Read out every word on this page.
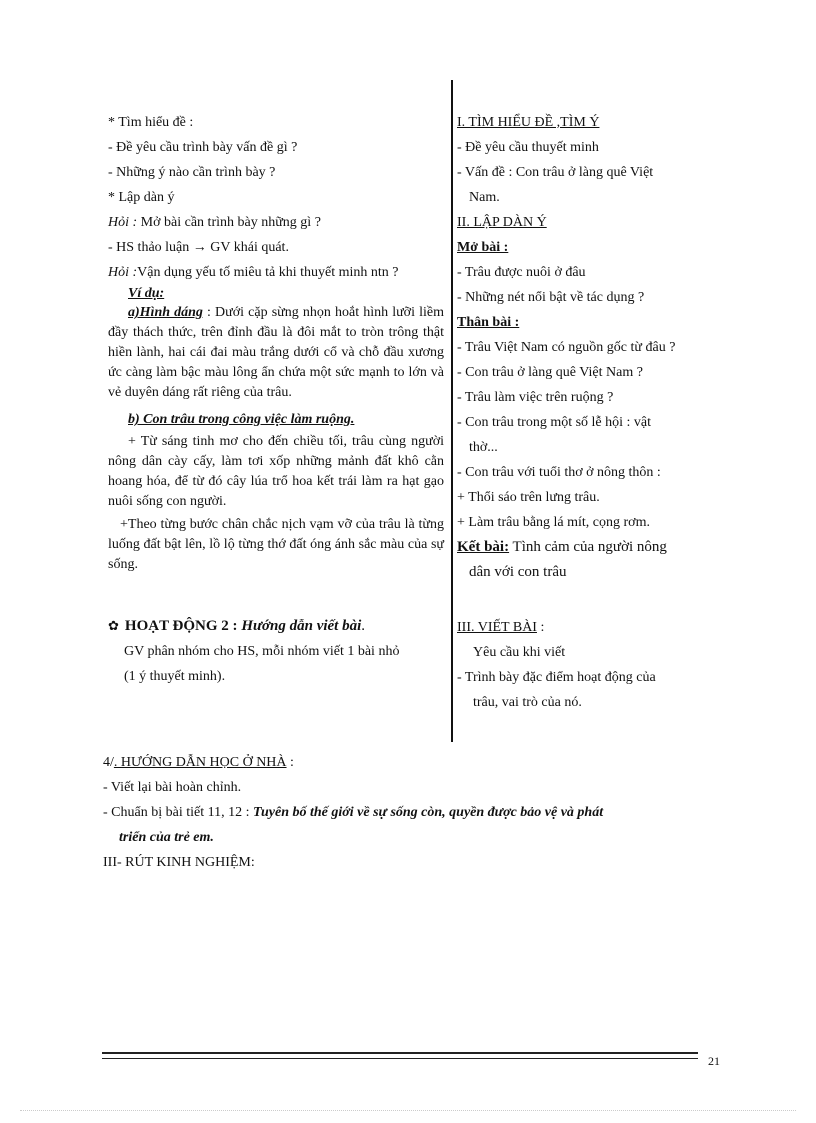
* Tìm hiểu đề :
- Đề yêu cầu trình bày vấn đề gì ?
- Những ý nào cần trình bày ?
* Lập dàn ý
Hỏi : Mở bài cần trình bày những gì ?
- HS thảo luận → GV khái quát.
Hỏi :Vận dụng yếu tố miêu tả khi thuyết minh ntn ?
Ví dụ:
a)Hình dáng : Dưới cặp sừng nhọn hoắt hình lưỡi liềm đầy thách thức, trên đỉnh đầu là đôi mắt to tròn trông thật hiền lành, hai cái đai màu trắng dưới cổ và chỗ đầu xương ức càng làm bậc màu lông ẩn chứa một sức mạnh to lớn và vẻ duyên dáng rất riêng của trâu.
b) Con trâu trong công việc làm ruộng.
+ Từ sáng tinh mơ cho đến chiều tối, trâu cùng người nông dân cày cấy, làm tơi xốp những mảnh đất khô cằn hoang hóa, để từ đó cây lúa trổ hoa kết trái làm ra hạt gạo nuôi sống con người.
+Theo từng bước chân chắc nịch vạm vỡ của trâu là từng luống đất bật lên, lồ lộ từng thớ đất óng ánh sắc màu của sự sống.
✿ HOẠT ĐỘNG 2 : Hướng dẫn viết bài.
GV phân nhóm cho HS, mỗi nhóm viết 1 bài nhỏ
(1 ý thuyết minh).
I. TÌM HIỂU ĐỀ ,TÌM Ý
- Đề yêu cầu thuyết minh
- Vấn đề : Con trâu ở làng quê Việt
Nam.
II. LẬP DÀN Ý
Mở bài :
- Trâu được nuôi ở đâu
- Những nét nổi bật về tác dụng ?
Thân bài :
- Trâu Việt Nam có nguồn gốc từ đâu ?
- Con trâu ở làng quê Việt Nam ?
- Trâu làm việc trên ruộng ?
- Con trâu trong một số lễ hội : vật
thờ...
- Con trâu với tuổi thơ ở nông thôn :
+ Thổi sáo trên lưng trâu.
+ Làm trâu bằng lá mít, cọng rơm.
Kết bài: Tình cảm của người nông
dân với con trâu
III. VIẾT BÀI :
Yêu cầu khi viết
- Trình bày đặc điểm hoạt động của
trâu, vai trò của nó.
4/. HƯỚNG DẪN HỌC Ở NHÀ :
- Viết lại bài hoàn chỉnh.
- Chuẩn bị bài tiết 11, 12 : Tuyên bố thế giới về sự sống còn, quyền được bảo vệ và phát
triển của trẻ em.
III- RÚT KINH NGHIỆM:
21
